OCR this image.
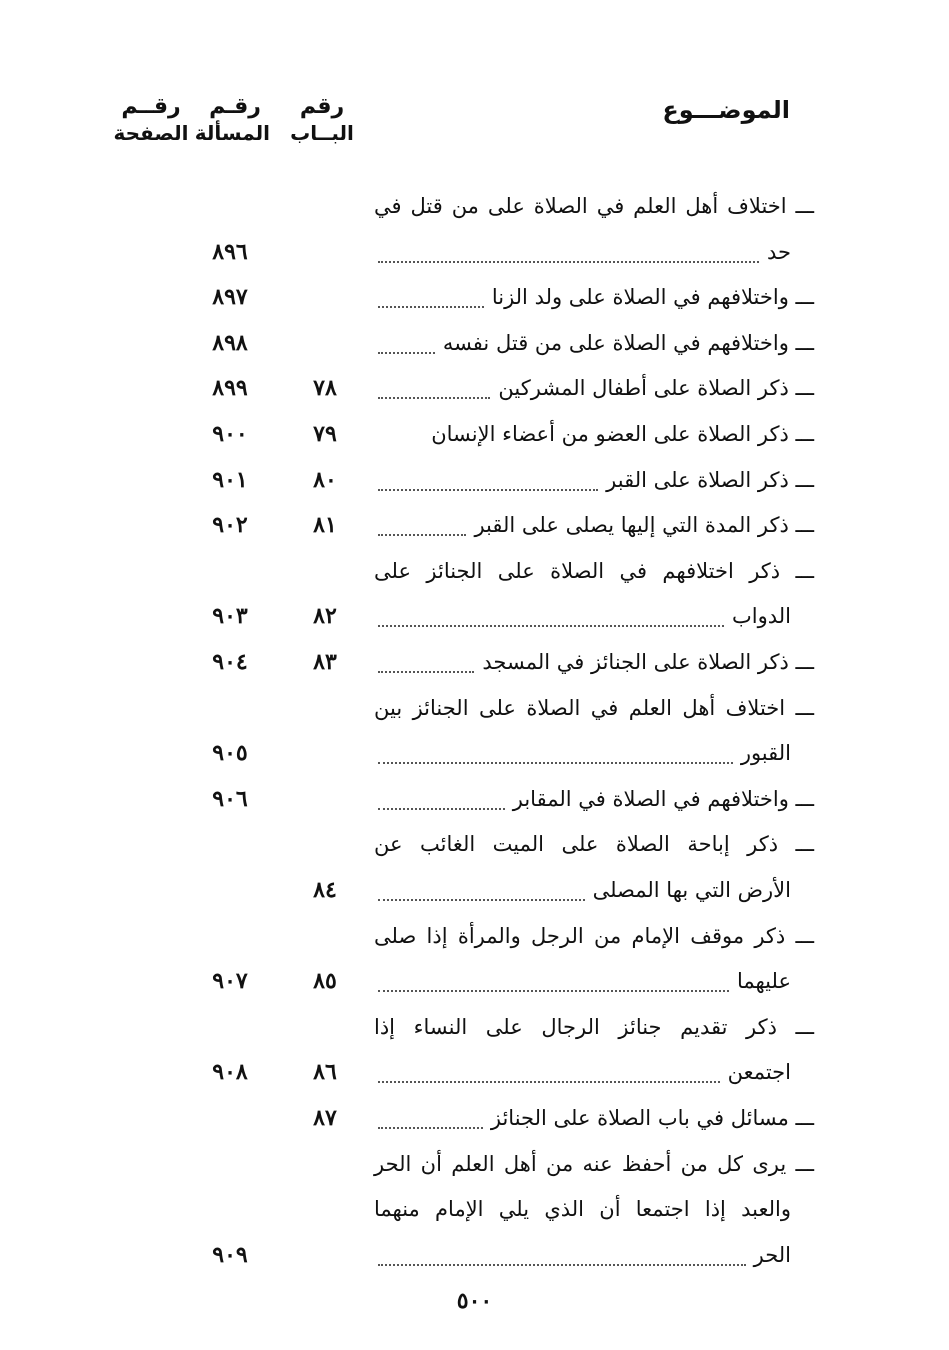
الموضـــوع
رقم
البــاب
رقـم
المسألة
رقــم
الصفحة
ـــ اختلاف أهل العلم في الصلاة على من قتل في
حد
٨٩٦
ـــ واختلافهم في الصلاة على ولد الزنا
٨٩٧
ـــ واختلافهم في الصلاة على من قتل نفسه
٨٩٨
ـــ ذكر الصلاة على أطفال المشركين
٧٨
٨٩٩
ـــ ذكر الصلاة على العضو من أعضاء الإنسان
٧٩
٩٠٠
ـــ ذكر الصلاة على القبر
٨٠
٩٠١
ـــ ذكر المدة التي إليها يصلى على القبر
٨١
٩٠٢
ـــ ذكر اختلافهم في الصلاة على الجنائز على
الدواب
٨٢
٩٠٣
ـــ ذكر الصلاة على الجنائز في المسجد
٨٣
٩٠٤
ـــ اختلاف أهل العلم في الصلاة على الجنائز بين
القبور
٩٠٥
ـــ واختلافهم في الصلاة في المقابر
٩٠٦
ـــ ذكر إباحة الصلاة على الميت الغائب عن
الأرض التي بها المصلى
٨٤
ـــ ذكر موقف الإمام من الرجل والمرأة إذا صلى
عليهما
٨٥
٩٠٧
ـــ ذكر تقديم جنائز الرجال على النساء إذا
اجتمعن
٨٦
٩٠٨
ـــ مسائل في باب الصلاة على الجنائز
٨٧
ـــ يرى كل من أحفظ عنه من أهل العلم أن الحر
والعبد إذا اجتمعا أن الذي يلي الإمام منهما
الحر
٩٠٩
٥٠٠
